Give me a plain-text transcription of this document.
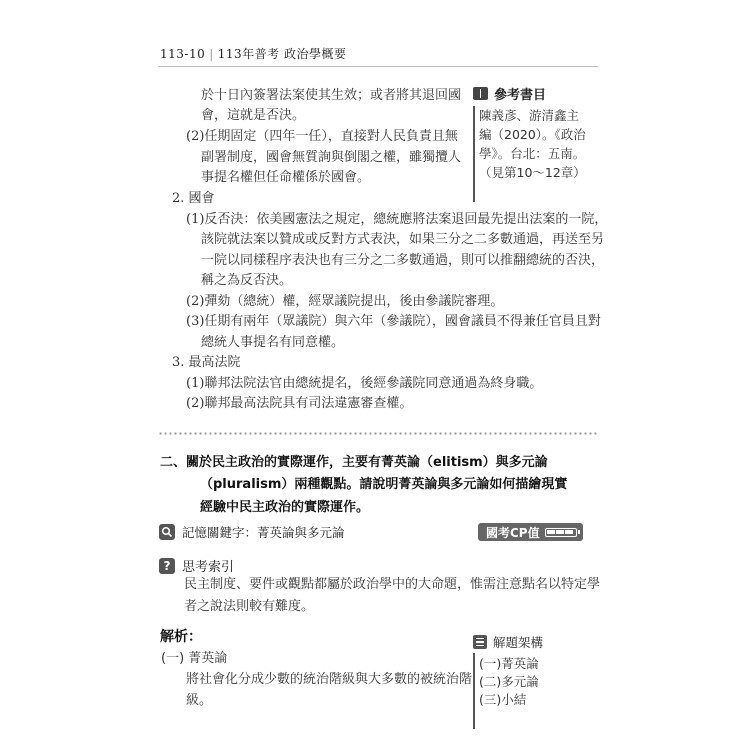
113-10 | 113年普考 政治學概要
於十日內簽署法案使其生效；或者將其退回國
會，這就是否決。
(2)任期固定（四年一任），直接對人民負責且無
副署制度，國會無質詢與倒閣之權，雖獨攬人
事提名權但任命權係於國會。
參考書目
陳義彥、游清鑫主
編（2020）。《政治
學》。台北：五南。
（見第10～12章）
2. 國會
(1)反否決：依美國憲法之規定，總統應將法案退回最先提出法案的一院，
該院就法案以贊成或反對方式表決，如果三分之二多數通過，再送至另
一院以同樣程序表決也有三分之二多數通過，則可以推翻總統的否決，
稱之為反否決。
(2)彈劾（總統）權，經眾議院提出，後由參議院審理。
(3)任期有兩年（眾議院）與六年（參議院），國會議員不得兼任官員且對
總統人事提名有同意權。
3. 最高法院
(1)聯邦法院法官由總統提名，後經參議院同意通過為終身職。
(2)聯邦最高法院具有司法違憲審查權。
二、關於民主政治的實際運作，主要有菁英論（elitism）與多元論
（pluralism）兩種觀點。請說明菁英論與多元論如何描繪現實
經驗中民主政治的實際運作。
記憶關鍵字：菁英論與多元論	國考CP值
? 思考索引
民主制度、要件或觀點都屬於政治學中的大命題，惟需注意點名以特定學
者之說法則較有難度。
解析：
(一) 菁英論
將社會化分成少數的統治階級與大多數的被統治階
級。
解題架構
(一)菁英論
(二)多元論
(三)小結
